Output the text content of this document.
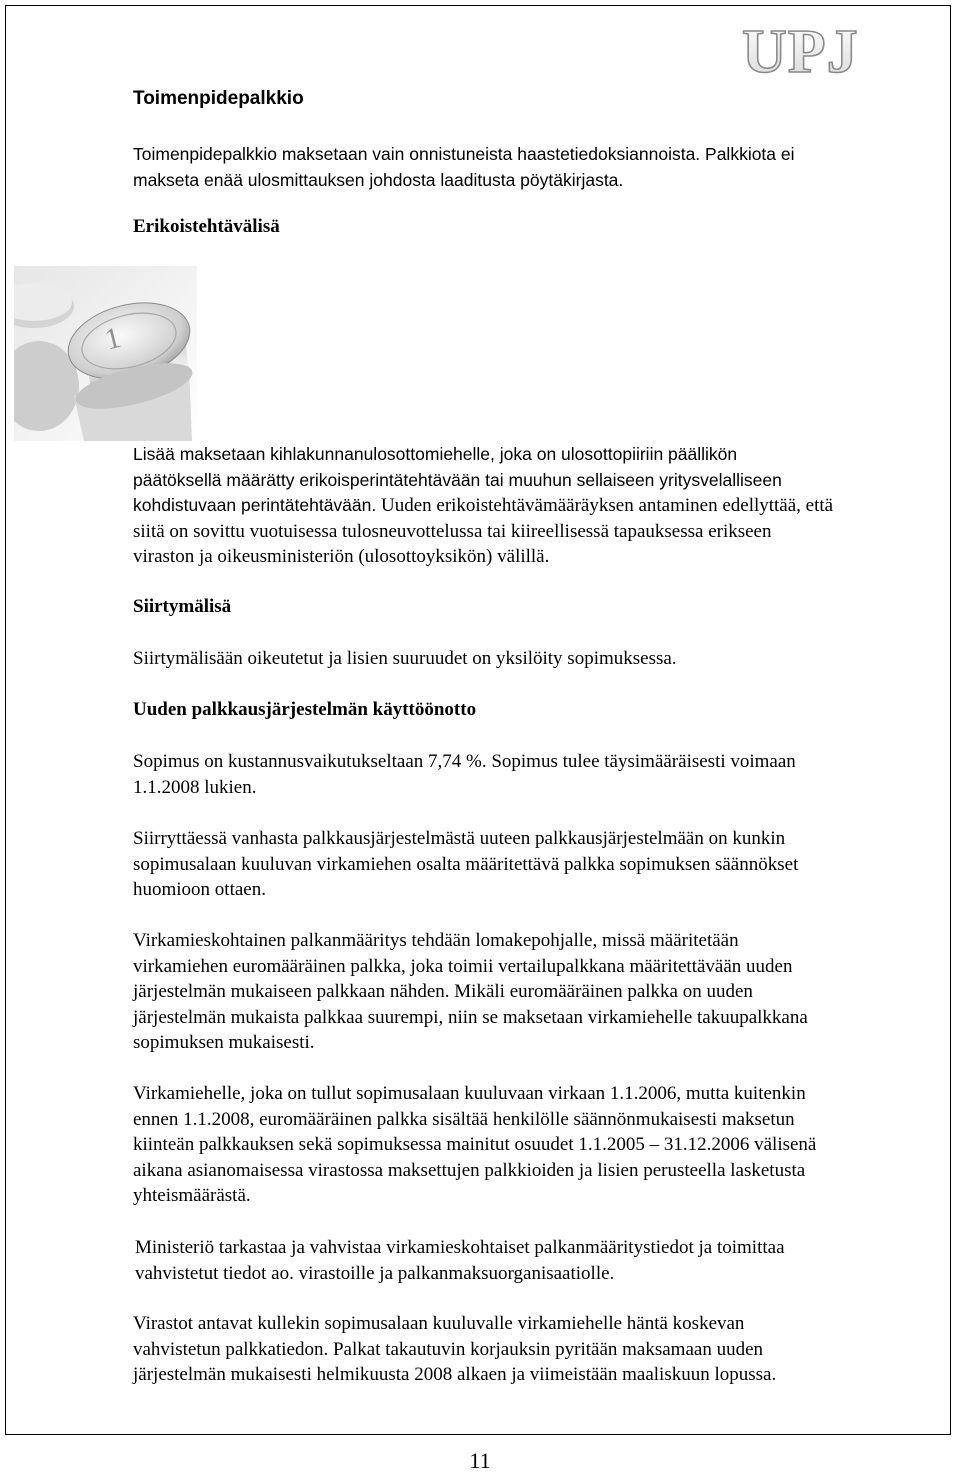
UPJ
Toimenpidepalkkio
Toimenpidepalkkio maksetaan vain onnistuneista haastetiedoksiannoista. Palkkiota ei
makseta enää ulosmittauksen johdosta laaditusta pöytäkirjasta.
Erikoistehtävälisä
1
Lisää maksetaan kihlakunnanulosottomiehelle, joka on ulosottopiiriin päällikön
päätöksellä määrätty erikoisperintätehtävään tai muuhun sellaiseen yritysvelalliseen
kohdistuvaan perintätehtävään. Uuden erikoistehtävämääräyksen antaminen edellyttää, että
siitä on sovittu vuotuisessa tulosneuvottelussa tai kiireellisessä tapauksessa erikseen
viraston ja oikeusministeriön (ulosottoyksikön) välillä.
Siirtymälisä
Siirtymälisään oikeutetut ja lisien suuruudet on yksilöity sopimuksessa.
Uuden palkkausjärjestelmän käyttöönotto
Sopimus on kustannusvaikutukseltaan 7,74 %. Sopimus tulee täysimääräisesti voimaan
1.1.2008 lukien.
Siirryttäessä vanhasta palkkausjärjestelmästä uuteen palkkausjärjestelmään on kunkin
sopimusalaan kuuluvan virkamiehen osalta määritettävä palkka sopimuksen säännökset
huomioon ottaen.
Virkamieskohtainen palkanmääritys tehdään lomakepohjalle, missä määritetään
virkamiehen euromääräinen palkka, joka toimii vertailupalkkana määritettävään uuden
järjestelmän mukaiseen palkkaan nähden. Mikäli euromääräinen palkka on uuden
järjestelmän mukaista palkkaa suurempi, niin se maksetaan virkamiehelle takuupalkkana
sopimuksen mukaisesti.
Virkamiehelle, joka on tullut sopimusalaan kuuluvaan virkaan 1.1.2006, mutta kuitenkin
ennen 1.1.2008, euromääräinen palkka sisältää henkilölle säännönmukaisesti maksetun
kiinteän palkkauksen sekä sopimuksessa mainitut osuudet 1.1.2005 – 31.12.2006 välisenä
aikana asianomaisessa virastossa maksettujen palkkioiden ja lisien perusteella lasketusta
yhteismäärästä.
Ministeriö tarkastaa ja vahvistaa virkamieskohtaiset palkanmääritystiedot ja toimittaa
vahvistetut tiedot ao. virastoille ja palkanmaksuorganisaatiolle.
Virastot antavat kullekin sopimusalaan kuuluvalle virkamiehelle häntä koskevan
vahvistetun palkkatiedon. Palkat takautuvin korjauksin pyritään maksamaan uuden
järjestelmän mukaisesti helmikuusta 2008 alkaen ja viimeistään maaliskuun lopussa.
11
